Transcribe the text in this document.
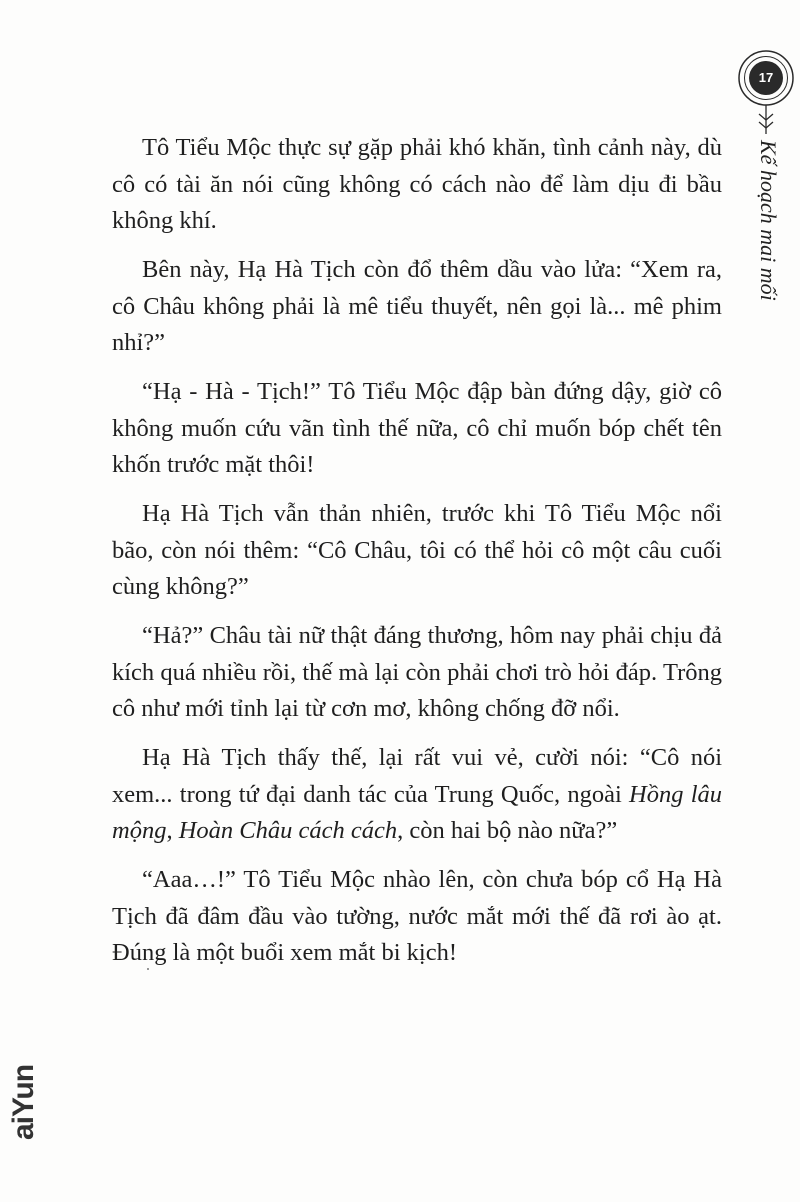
17
Kế hoạch mai mối

Tô Tiểu Mộc thực sự gặp phải khó khăn, tình cảnh này, dù cô có tài ăn nói cũng không có cách nào để làm dịu đi bầu không khí.

Bên này, Hạ Hà Tịch còn đổ thêm dầu vào lửa: “Xem ra, cô Châu không phải là mê tiểu thuyết, nên gọi là... mê phim nhỉ?”

“Hạ - Hà - Tịch!” Tô Tiểu Mộc đập bàn đứng dậy, giờ cô không muốn cứu vãn tình thế nữa, cô chỉ muốn bóp chết tên khốn trước mặt thôi!

Hạ Hà Tịch vẫn thản nhiên, trước khi Tô Tiểu Mộc nổi bão, còn nói thêm: “Cô Châu, tôi có thể hỏi cô một câu cuối cùng không?”

“Hả?” Châu tài nữ thật đáng thương, hôm nay phải chịu đả kích quá nhiều rồi, thế mà lại còn phải chơi trò hỏi đáp. Trông cô như mới tỉnh lại từ cơn mơ, không chống đỡ nổi.

Hạ Hà Tịch thấy thế, lại rất vui vẻ, cười nói: “Cô nói xem... trong tứ đại danh tác của Trung Quốc, ngoài Hồng lâu mộng, Hoàn Châu cách cách, còn hai bộ nào nữa?”

“Aaa…!” Tô Tiểu Mộc nhào lên, còn chưa bóp cổ Hạ Hà Tịch đã đâm đầu vào tường, nước mắt mới thế đã rơi ào ạt. Đúng là một buổi xem mắt bi kịch!

aiYun
